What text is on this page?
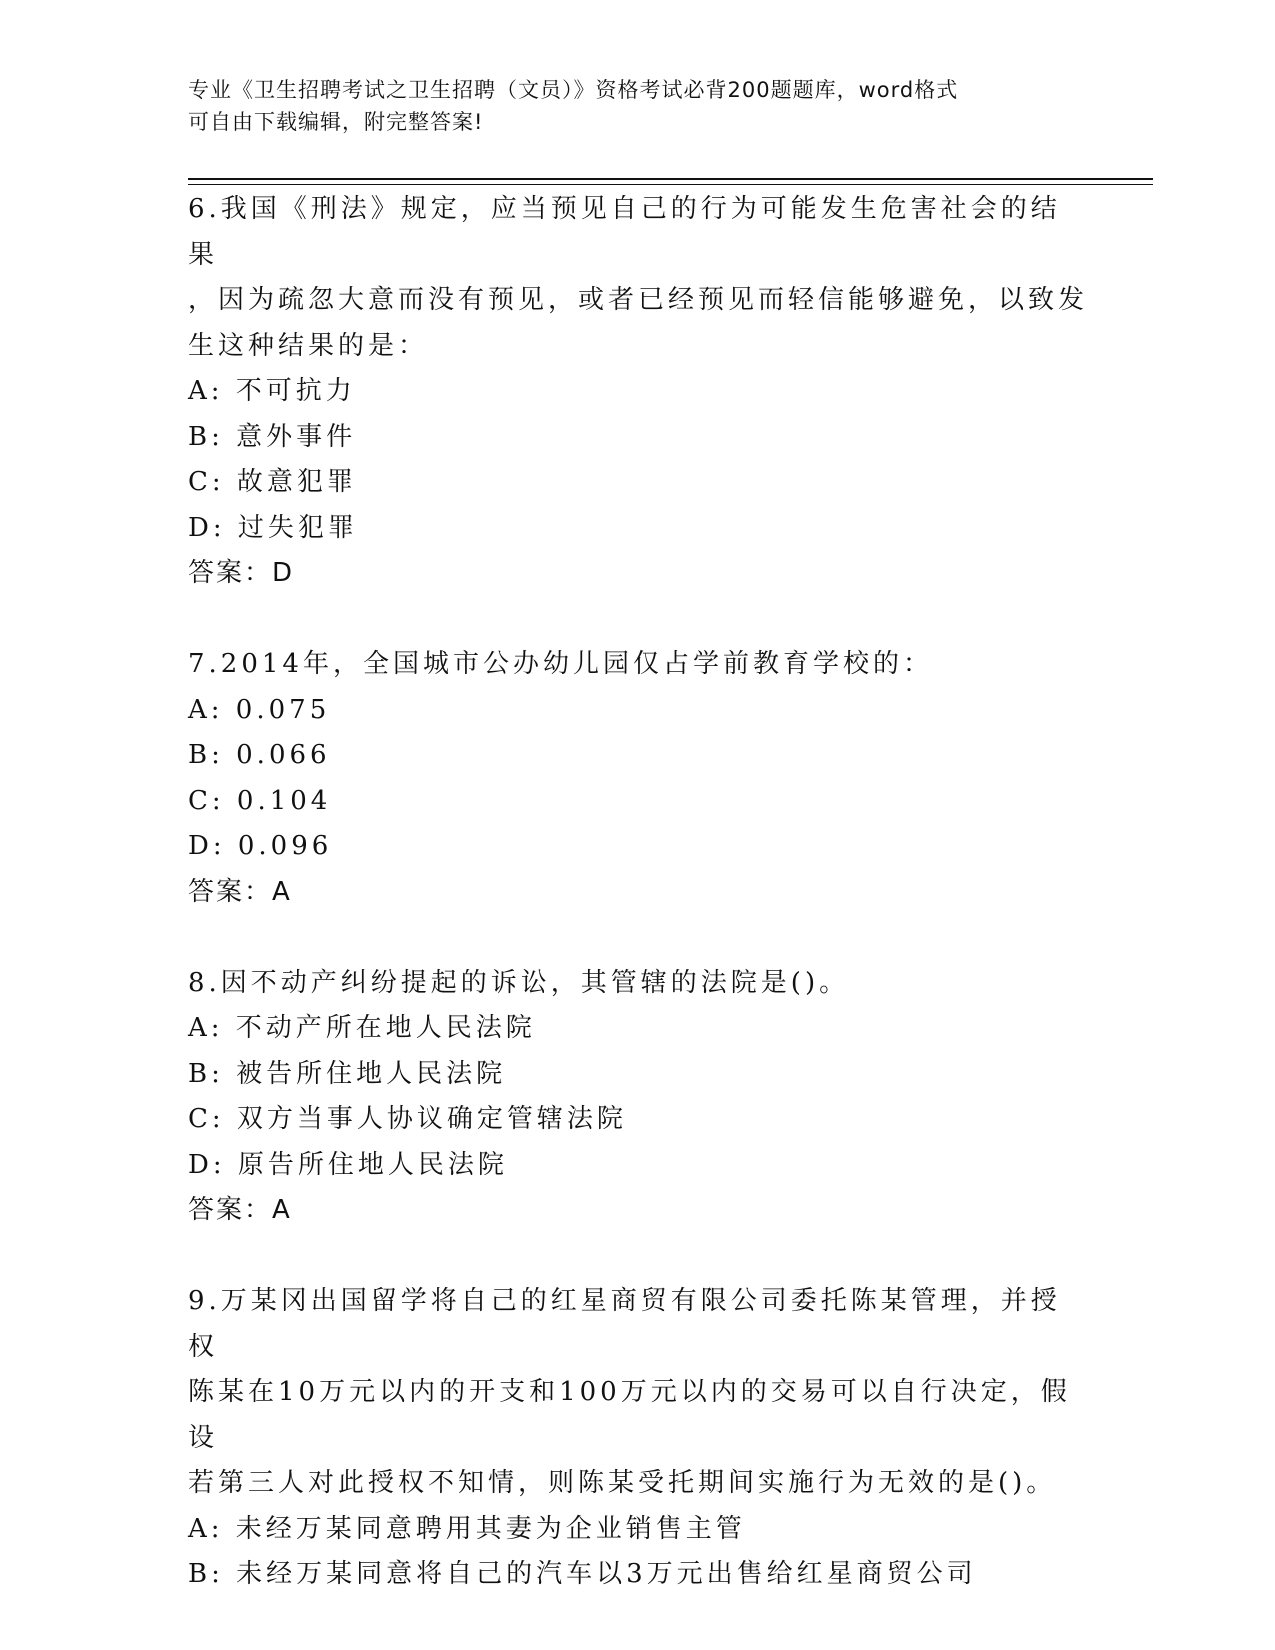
专业《卫生招聘考试之卫生招聘（文员）》资格考试必背200题题库，word格式
可自由下载编辑，附完整答案!
6.我国《刑法》规定，应当预见自己的行为可能发生危害社会的结果
，因为疏忽大意而没有预见，或者已经预见而轻信能够避免，以致发
生这种结果的是：
A: 不可抗力
B: 意外事件
C: 故意犯罪
D: 过失犯罪
答案：D
7.2014年，全国城市公办幼儿园仅占学前教育学校的：
A: 0.075
B: 0.066
C: 0.104
D: 0.096
答案：A
8.因不动产纠纷提起的诉讼，其管辖的法院是()。
A: 不动产所在地人民法院
B: 被告所住地人民法院
C: 双方当事人协议确定管辖法院
D: 原告所住地人民法院
答案：A
9.万某冈出国留学将自己的红星商贸有限公司委托陈某管理，并授权
陈某在10万元以内的开支和100万元以内的交易可以自行决定，假设
若第三人对此授权不知情，则陈某受托期间实施行为无效的是()。
A: 未经万某同意聘用其妻为企业销售主管
B: 未经万某同意将自己的汽车以3万元出售给红星商贸公司
